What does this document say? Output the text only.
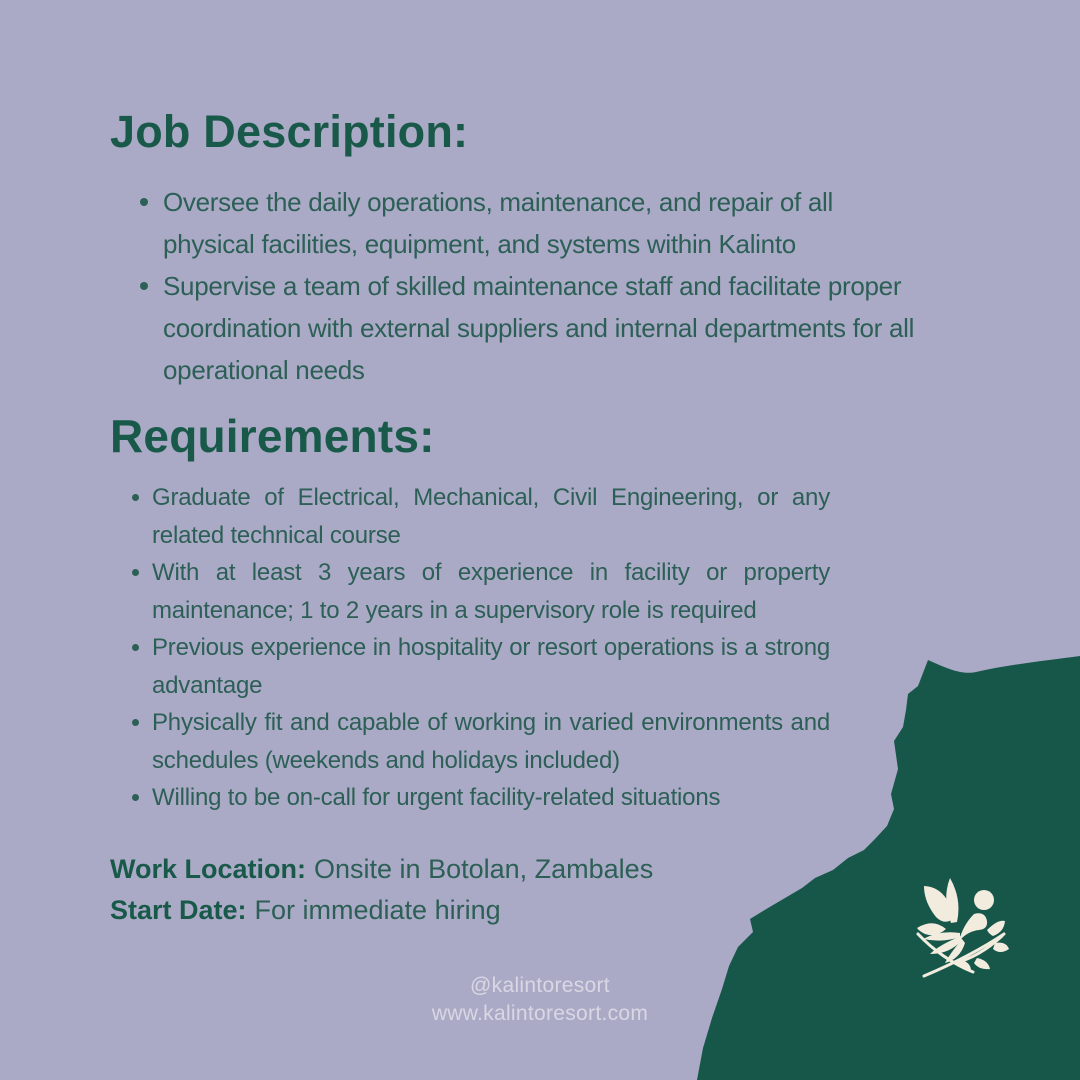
Job Description:
Oversee the daily operations, maintenance, and repair of all physical facilities, equipment, and systems within Kalinto
Supervise a team of skilled maintenance staff and facilitate proper coordination with external suppliers and internal departments for all operational needs
Requirements:
Graduate of Electrical, Mechanical, Civil Engineering, or any related technical course
With at least 3 years of experience in facility or property maintenance; 1 to 2 years in a supervisory role is required
Previous experience in hospitality or resort operations is a strong advantage
Physically fit and capable of working in varied environments and schedules (weekends and holidays included)
Willing to be on-call for urgent facility-related situations

Work Location: Onsite in Botolan, Zambales

Start Date: For immediate hiring

@kalintoresort

www.kalintoresort.com
